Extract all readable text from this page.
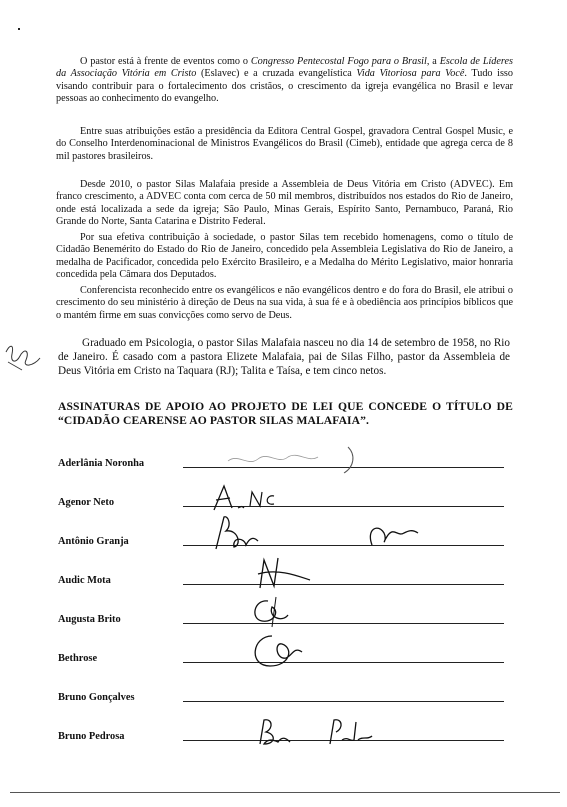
O pastor está à frente de eventos como o Congresso Pentecostal Fogo para o Brasil, a Escola de Líderes da Associação Vitória em Cristo (Eslavec) e a cruzada evangelística Vida Vitoriosa para Você. Tudo isso visando contribuir para o fortalecimento dos cristãos, o crescimento da igreja evangélica no Brasil e levar pessoas ao conhecimento do evangelho.

Entre suas atribuições estão a presidência da Editora Central Gospel, gravadora Central Gospel Music, e do Conselho Interdenominacional de Ministros Evangélicos do Brasil (Cimeb), entidade que agrega cerca de 8 mil pastores brasileiros.

Desde 2010, o pastor Silas Malafaia preside a Assembleia de Deus Vitória em Cristo (ADVEC). Em franco crescimento, a ADVEC conta com cerca de 50 mil membros, distribuídos nos estados do Rio de Janeiro, onde está localizada a sede da igreja; São Paulo, Minas Gerais, Espírito Santo, Pernambuco, Paraná, Rio Grande do Norte, Santa Catarina e Distrito Federal.

Por sua efetiva contribuição à sociedade, o pastor Silas tem recebido homenagens, como o título de Cidadão Benemérito do Estado do Rio de Janeiro, concedido pela Assembleia Legislativa do Rio de Janeiro, a medalha de Pacificador, concedida pelo Exército Brasileiro, e a Medalha do Mérito Legislativo, maior honraria concedida pela Câmara dos Deputados.

Conferencista reconhecido entre os evangélicos e não evangélicos dentro e do fora do Brasil, ele atribui o crescimento do seu ministério à direção de Deus na sua vida, à sua fé e à obediência aos princípios bíblicos que o mantém firme em suas convicções como servo de Deus.

Graduado em Psicologia, o pastor Silas Malafaia nasceu no dia 14 de setembro de 1958, no Rio de Janeiro. É casado com a pastora Elizete Malafaia, pai de Silas Filho, pastor da Assembleia de Deus Vitória em Cristo na Taquara (RJ); Talita e Taísa, e tem cinco netos.

ASSINATURAS DE APOIO AO PROJETO DE LEI QUE CONCEDE O TÍTULO DE “CIDADÃO CEARENSE AO PASTOR SILAS MALAFAIA”.
Aderlânia Noronha
Agenor Neto
Antônio Granja
Audic Mota
Augusta Brito
Bethrose
Bruno Gonçalves
Bruno Pedrosa
